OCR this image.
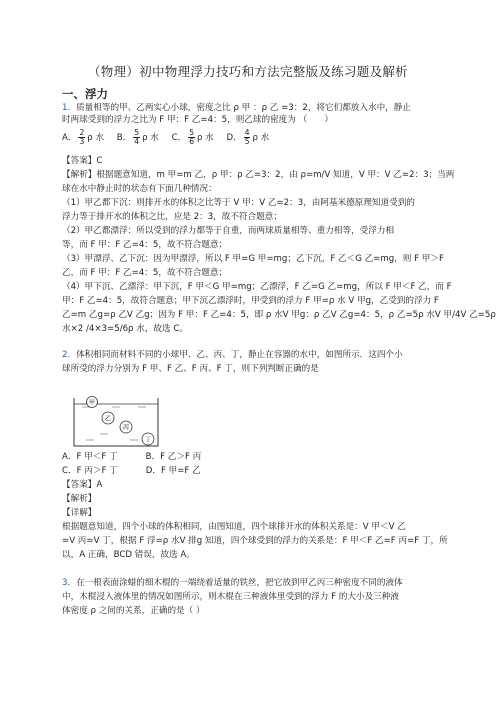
（物理）初中物理浮力技巧和方法完整版及练习题及解析
一、浮力
1．质量相等的甲、乙两实心小球，密度之比 ρ 甲 ：ρ 乙 =3：2，将它们都放入水中，静止
时两球受到的浮力之比为 F 甲：F 乙=4：5，则乙球的密度为 （　　）
A． $\frac{2}{3}$ ρ 水 B． $\frac{5}{4}$ ρ 水 C． $\frac{5}{6}$ ρ 水 D． $\frac{4}{5}$ ρ 水
【答案】C
【解析】根据题意知道，m 甲=m 乙，ρ 甲：ρ 乙=3：2，由 ρ=m/V 知道，V 甲：V 乙=2：3；当两
球在水中静止时的状态有下面几种情况：
（1）甲乙都下沉：则排开水的体积之比等于 V 甲：V 乙=2：3，由阿基米德原理知道受到的
浮力等于排开水的体积之比，应是 2：3，故不符合题意；
（2）甲乙都漂浮：所以受到的浮力都等于自重，而两球质量相等、重力相等，受浮力相
等，而 F 甲：F 乙=4：5，故不符合题意；
（3）甲漂浮、乙下沉：因为甲漂浮，所以 F 甲=G 甲=mg；乙下沉，F 乙＜G 乙=mg，则 F 甲＞F
乙，而 F 甲：F 乙=4：5，故不符合题意；
（4）甲下沉、乙漂浮：甲下沉，F 甲＜G 甲=mg；乙漂浮，F 乙=G 乙=mg，所以 F 甲＜F 乙，而 F
甲：F 乙=4：5，故符合题意；甲下沉乙漂浮时，甲受到的浮力 F 甲=ρ 水 V 甲g，乙受到的浮力 F
乙=m 乙g=ρ 乙V 乙g；因为 F 甲：F 乙=4：5，即 ρ 水V 甲g：ρ 乙V 乙g=4：5，ρ 乙=5ρ 水V 甲/4V 乙=5ρ
水×2 /4×3=5/6ρ 水，故选 C。
2．体积相同而材料不同的小球甲、乙、丙、丁，静止在容器的水中，如图所示．这四个小
球所受的浮力分别为 F 甲、F 乙、F 丙、F 丁，则下列判断正确的是
甲
乙
丙
丁
A．F 甲＜F 丁	B．F 乙＞F 丙
C．F 丙＞F 丁	D．F 甲=F 乙
【答案】A
【解析】
【详解】
根据题意知道，四个小球的体积相同，由图知道，四个球排开水的体积关系是：V 甲＜V 乙
=V 丙=V 丁，根据 F 浮=ρ 水V 排g 知道，四个球受到的浮力的关系是：F 甲＜F 乙=F 丙=F 丁，所
以，A 正确，BCD 错误，故选 A。
3．在一根表面涂蜡的细木棍的一端绕着适量的铁丝，把它放到甲乙丙三种密度不同的液体
中，木棍浸入液体里的情况如图所示，则木棍在三种液体里受到的浮力 F 的大小及三种液
体密度 ρ 之间的关系，正确的是（ ）
